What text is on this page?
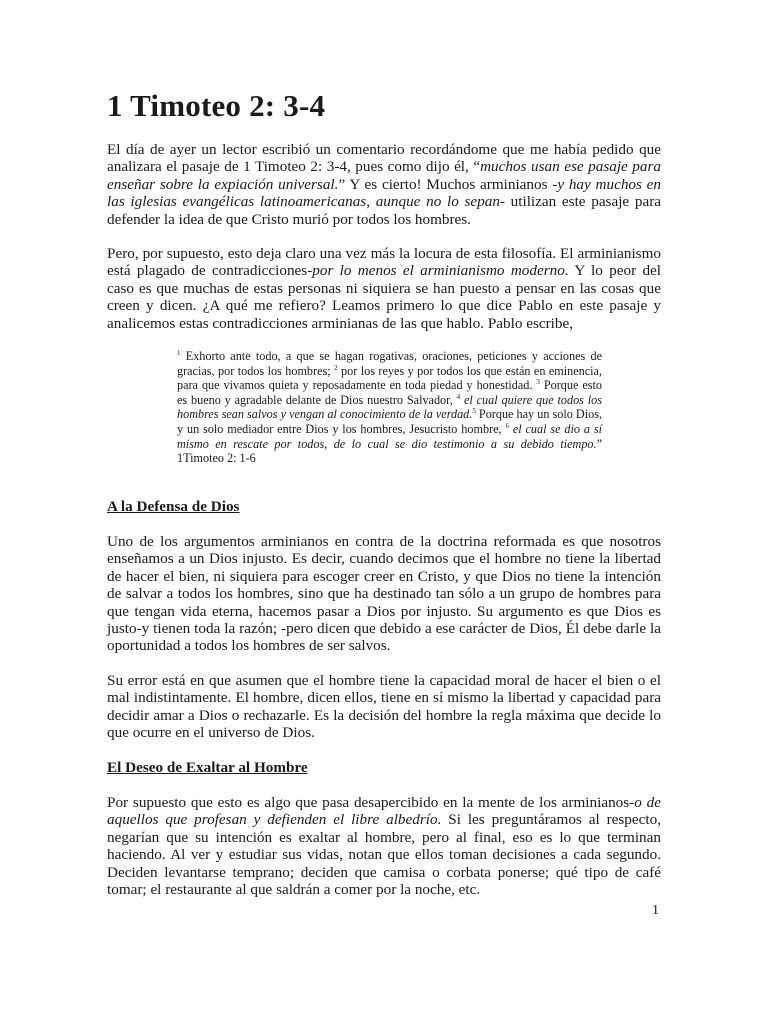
1 Timoteo 2: 3-4

El día de ayer un lector escribió un comentario recordándome que me había pedido que analizara el pasaje de 1 Timoteo 2: 3-4, pues como dijo él, “muchos usan ese pasaje para enseñar sobre la expiación universal.” Y es cierto! Muchos arminianos -y hay muchos en las iglesias evangélicas latinoamericanas, aunque no lo sepan- utilizan este pasaje para defender la idea de que Cristo murió por todos los hombres.

Pero, por supuesto, esto deja claro una vez más la locura de esta filosofía. El arminianismo está plagado de contradicciones-por lo menos el arminianismo moderno. Y lo peor del caso es que muchas de estas personas ni siquiera se han puesto a pensar en las cosas que creen y dicen. ¿A qué me refiero? Leamos primero lo que dice Pablo en este pasaje y analicemos estas contradicciones arminianas de las que hablo. Pablo escribe,

$^1$ Exhorto ante todo, a que se hagan rogativas, oraciones, peticiones y acciones de gracias, por todos los hombres; $^2$ por los reyes y por todos los que están en eminencia, para que vivamos quieta y reposadamente en toda piedad y honestidad. $^3$ Porque esto es bueno y agradable delante de Dios nuestro Salvador, $^4$ el cual quiere que todos los hombres sean salvos y vengan al conocimiento de la verdad.$^5$ Porque hay un solo Dios, y un solo mediador entre Dios y los hombres, Jesucristo hombre, $^6$ el cual se dio a sí mismo en rescate por todos, de lo cual se dio testimonio a su debido tiempo.” 1Timoteo 2: 1-6

A la Defensa de Dios

Uno de los argumentos arminianos en contra de la doctrina reformada es que nosotros enseñamos a un Dios injusto. Es decir, cuando decimos que el hombre no tiene la libertad de hacer el bien, ni siquiera para escoger creer en Cristo, y que Dios no tiene la intención de salvar a todos los hombres, sino que ha destinado tan sólo a un grupo de hombres para que tengan vida eterna, hacemos pasar a Dios por injusto. Su argumento es que Dios es justo-y tienen toda la razón; -pero dicen que debido a ese carácter de Dios, Él debe darle la oportunidad a todos los hombres de ser salvos.

Su error está en que asumen que el hombre tiene la capacidad moral de hacer el bien o el mal indistintamente. El hombre, dicen ellos, tiene en sí mismo la libertad y capacidad para decidir amar a Dios o rechazarle. Es la decisión del hombre la regla máxima que decide lo que ocurre en el universo de Dios.

El Deseo de Exaltar al Hombre

Por supuesto que esto es algo que pasa desapercibido en la mente de los arminianos-o de aquellos que profesan y defienden el libre albedrío. Si les preguntáramos al respecto, negarían que su intención es exaltar al hombre, pero al final, eso es lo que terminan haciendo. Al ver y estudiar sus vidas, notan que ellos toman decisiones a cada segundo. Deciden levantarse temprano; deciden que camisa o corbata ponerse; qué tipo de café tomar; el restaurante al que saldrán a comer por la noche, etc.

1
